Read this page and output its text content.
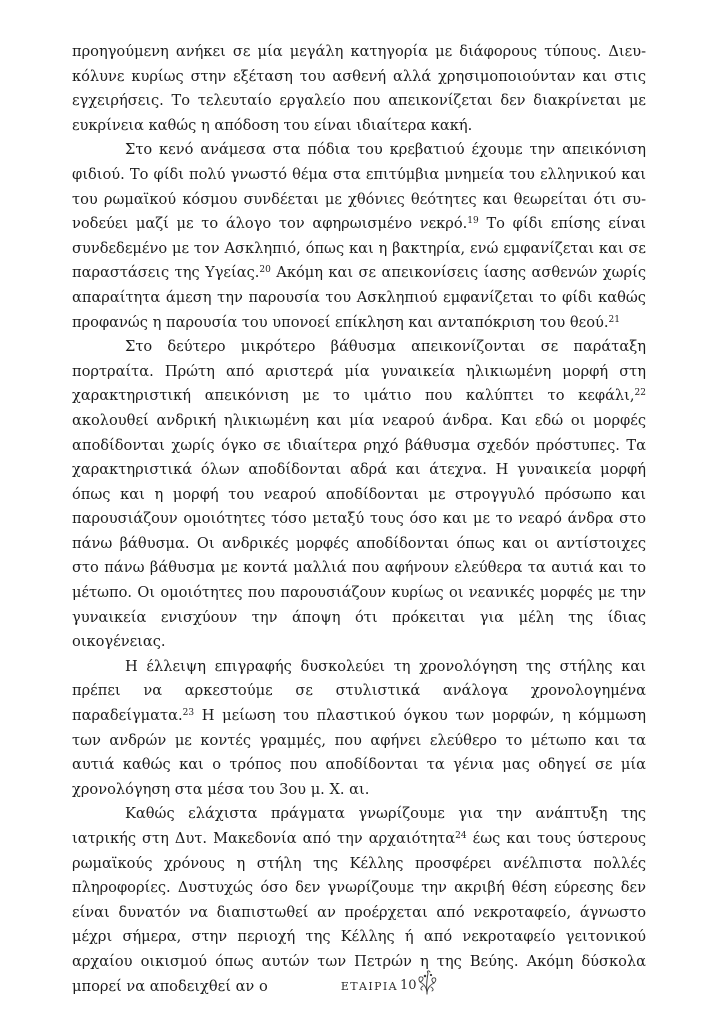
προηγούμενη ανήκει σε μία μεγάλη κατηγορία με διάφορους τύπους. Διευκόλυνε κυρίως στην εξέταση του ασθενή αλλά χρησιμοποιούνταν και στις εγχειρήσεις. Το τελευταίο εργαλείο που απεικονίζεται δεν διακρίνεται με ευκρίνεια καθώς η απόδοση του είναι ιδιαίτερα κακή.

Στο κενό ανάμεσα στα πόδια του κρεβατιού έχουμε την απεικόνιση φιδιού. Το φίδι πολύ γνωστό θέμα στα επιτύμβια μνημεία του ελληνικού και του ρωμαϊκού κόσμου συνδέεται με χθόνιες θεότητες και θεωρείται ότι συνοδεύει μαζί με το άλογο τον αφηρωισμένο νεκρό.$^{19}$ Το φίδι επίσης είναι συνδεδεμένο με τον Ασκληπιό, όπως και η βακτηρία, ενώ εμφανίζεται και σε παραστάσεις της Υγείας.$^{20}$ Ακόμη και σε απεικονίσεις ίασης ασθενών χωρίς απαραίτητα άμεση την παρουσία του Ασκληπιού εμφανίζεται το φίδι καθώς προφανώς η παρουσία του υπονοεί επίκληση και ανταπόκριση του θεού.$^{21}$

Στο δεύτερο μικρότερο βάθυσμα απεικονίζονται σε παράταξη πορτραίτα. Πρώτη από αριστερά μία γυναικεία ηλικιωμένη μορφή στη χαρακτηριστική απεικόνιση με το ιμάτιο που καλύπτει το κεφάλι,$^{22}$ ακολουθεί ανδρική ηλικιωμένη και μία νεαρού άνδρα. Και εδώ οι μορφές αποδίδονται χωρίς όγκο σε ιδιαίτερα ρηχό βάθυσμα σχεδόν πρόστυπες. Τα χαρακτηριστικά όλων αποδίδονται αδρά και άτεχνα. Η γυναικεία μορφή όπως και η μορφή του νεαρού αποδίδονται με στρογγυλό πρόσωπο και παρουσιάζουν ομοιότητες τόσο μεταξύ τους όσο και με το νεαρό άνδρα στο πάνω βάθυσμα. Οι ανδρικές μορφές αποδίδονται όπως και οι αντίστοιχες στο πάνω βάθυσμα με κοντά μαλλιά που αφήνουν ελεύθερα τα αυτιά και το μέτωπο. Οι ομοιότητες που παρουσιάζουν κυρίως οι νεανικές μορφές με την γυναικεία ενισχύουν την άποψη ότι πρόκειται για μέλη της ίδιας οικογένειας.

Η έλλειψη επιγραφής δυσκολεύει τη χρονολόγηση της στήλης και πρέπει να αρκεστούμε σε στυλιστικά ανάλογα χρονολογημένα παραδείγματα.$^{23}$ Η μείωση του πλαστικού όγκου των μορφών, η κόμμωση των ανδρών με κοντές γραμμές, που αφήνει ελεύθερο το μέτωπο και τα αυτιά καθώς και ο τρόπος που αποδίδονται τα γένια μας οδηγεί σε μία χρονολόγηση στα μέσα του 3ου μ. Χ. αι.

Καθώς ελάχιστα πράγματα γνωρίζουμε για την ανάπτυξη της ιατρικής στη Δυτ. Μακεδονία από την αρχαιότητα$^{24}$ έως και τους ύστερους ρωμαϊκούς χρόνους η στήλη της Κέλλης προσφέρει ανέλπιστα πολλές πληροφορίες. Δυστυχώς όσο δεν γνωρίζουμε την ακριβή θέση εύρεσης δεν είναι δυνατόν να διαπιστωθεί αν προέρχεται από νεκροταφείο, άγνωστο μέχρι σήμερα, στην περιοχή της Κέλλης ή από νεκροταφείο γειτονικού αρχαίου οικισμού όπως αυτών των Πετρών η της Βεύης. Ακόμη δύσκολα μπορεί να αποδειχθεί αν ο	ΕΤΑΙΡΙΑ 10
